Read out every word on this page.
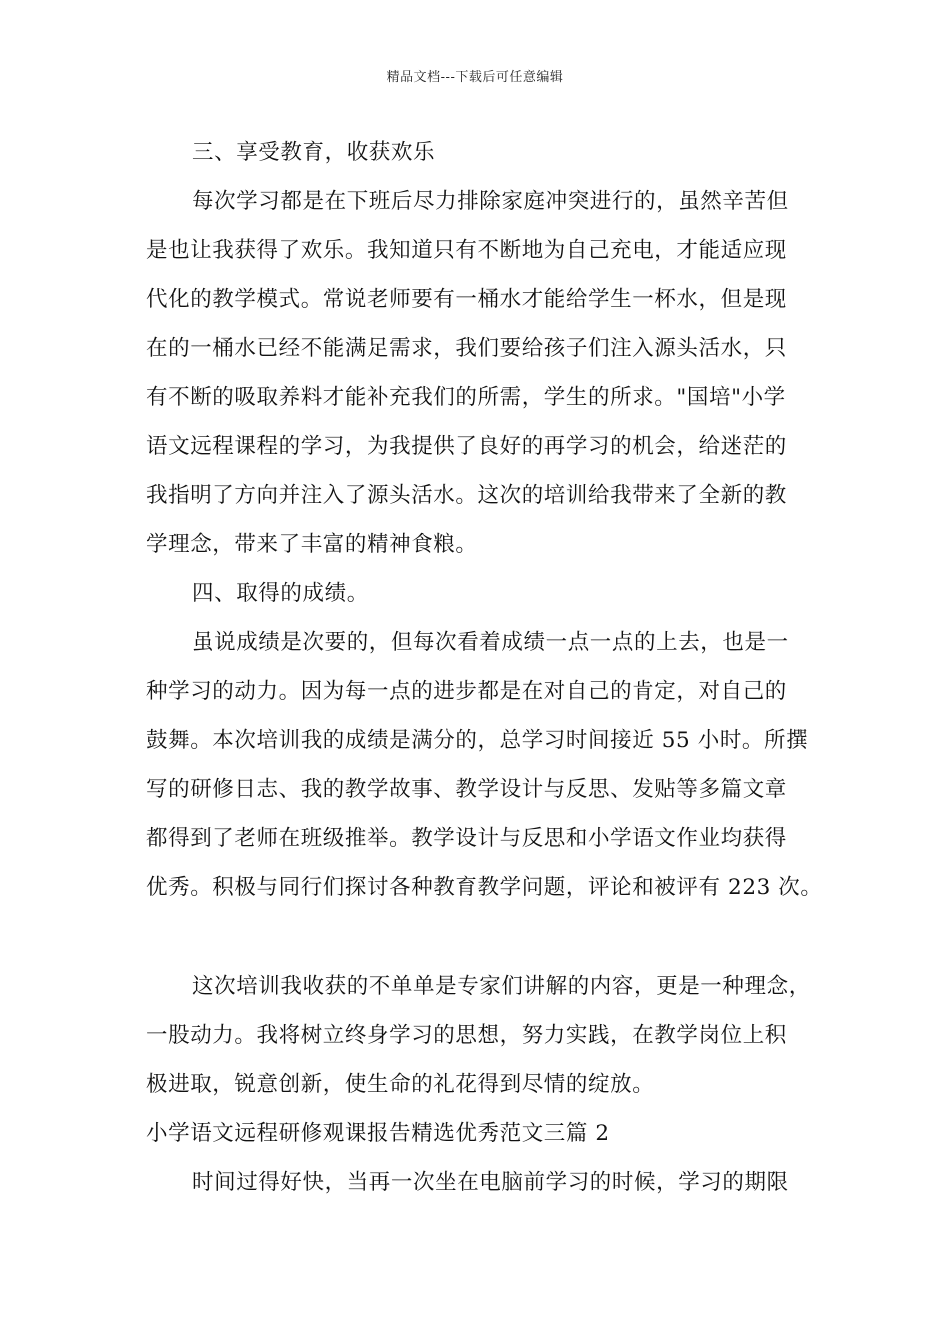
精品文档---下载后可任意编辑
三、享受教育，收获欢乐
每次学习都是在下班后尽力排除家庭冲突进行的，虽然辛苦但
是也让我获得了欢乐。我知道只有不断地为自己充电，才能适应现
代化的教学模式。常说老师要有一桶水才能给学生一杯水，但是现
在的一桶水已经不能满足需求，我们要给孩子们注入源头活水，只
有不断的吸取养料才能补充我们的所需，学生的所求。"国培"小学
语文远程课程的学习，为我提供了良好的再学习的机会，给迷茫的
我指明了方向并注入了源头活水。这次的培训给我带来了全新的教
学理念，带来了丰富的精神食粮。
四、取得的成绩。
虽说成绩是次要的，但每次看着成绩一点一点的上去，也是一
种学习的动力。因为每一点的进步都是在对自己的肯定，对自己的
鼓舞。本次培训我的成绩是满分的，总学习时间接近 55 小时。所撰
写的研修日志、我的教学故事、教学设计与反思、发贴等多篇文章
都得到了老师在班级推举。教学设计与反思和小学语文作业均获得
优秀。积极与同行们探讨各种教育教学问题，评论和被评有 223 次。
这次培训我收获的不单单是专家们讲解的内容，更是一种理念，
一股动力。我将树立终身学习的思想，努力实践，在教学岗位上积
极进取，锐意创新，使生命的礼花得到尽情的绽放。
小学语文远程研修观课报告精选优秀范文三篇 2
时间过得好快，当再一次坐在电脑前学习的时候，学习的期限
